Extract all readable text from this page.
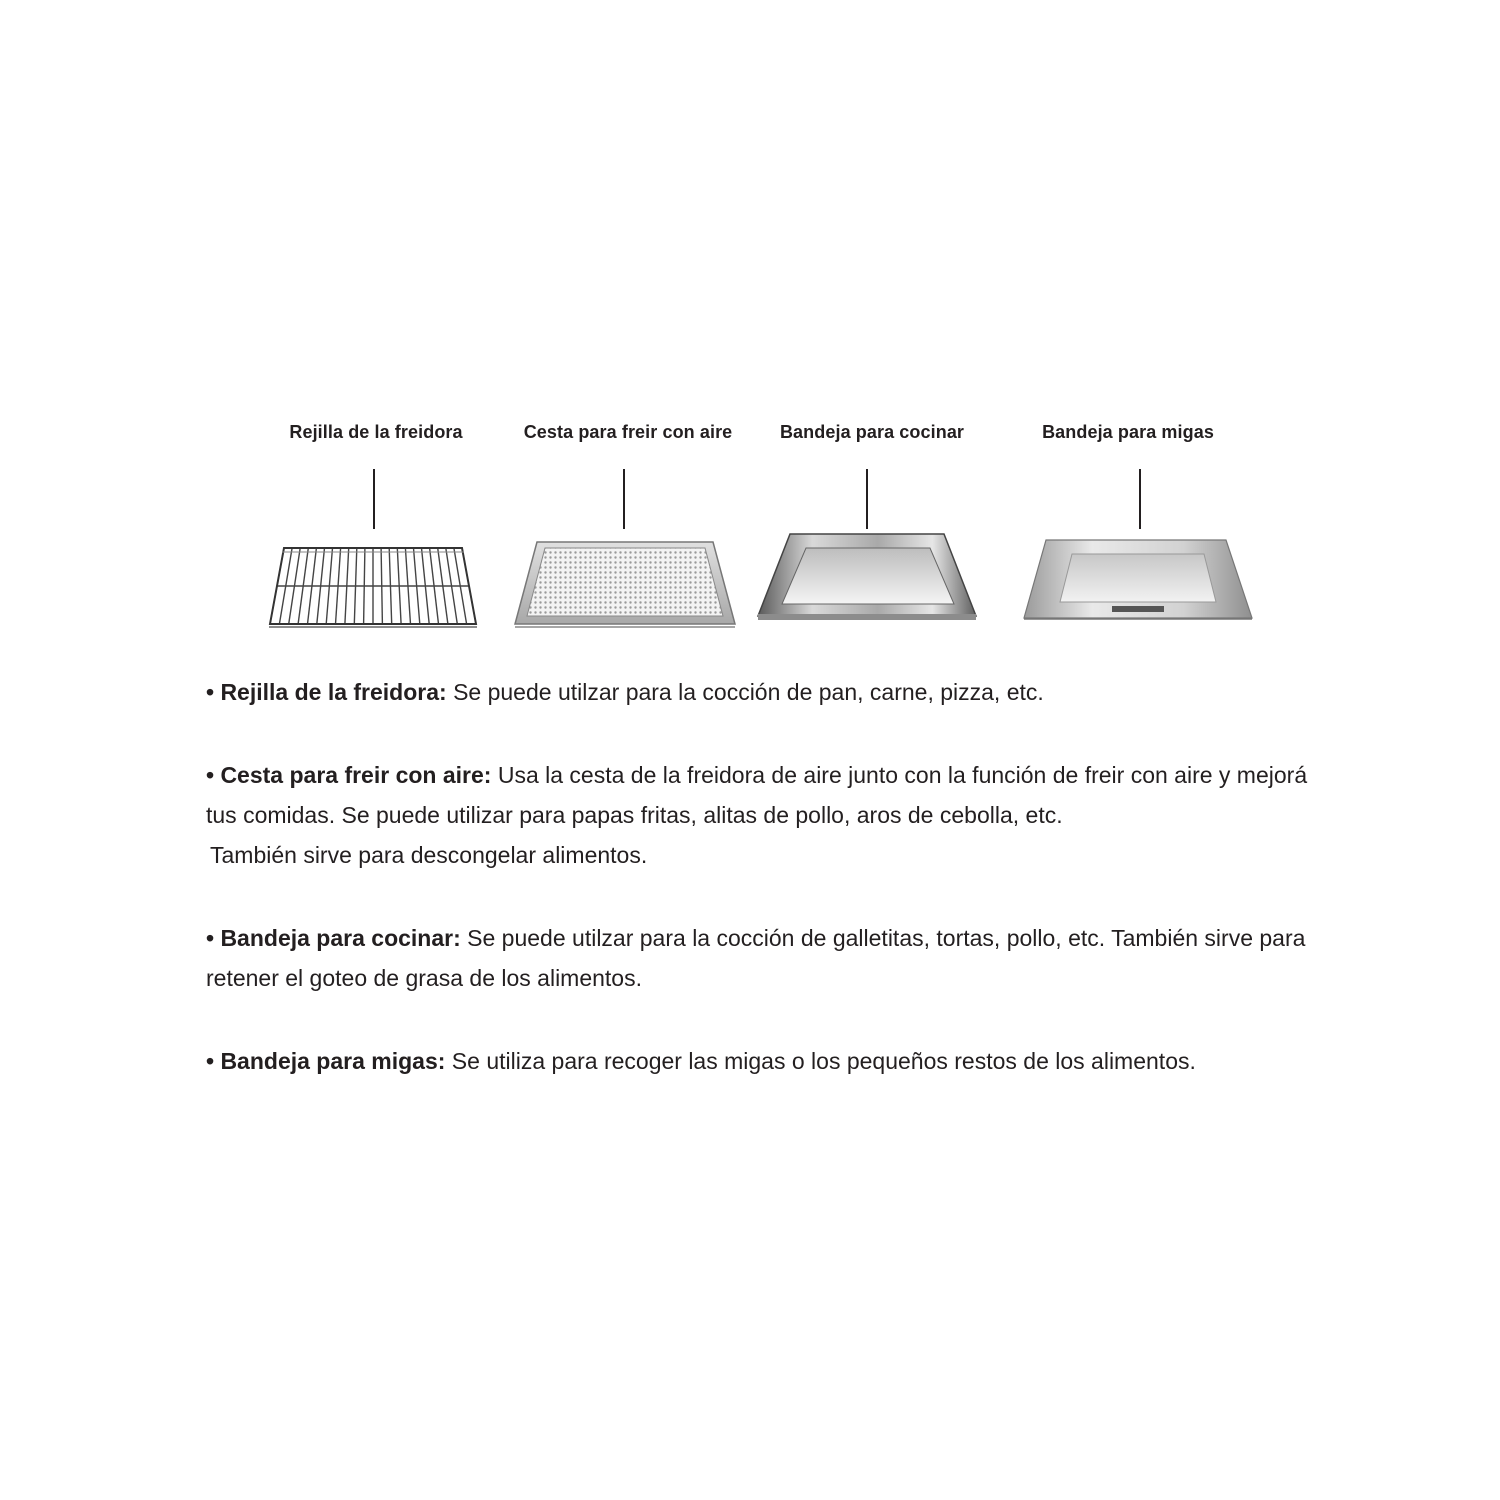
Rejilla de la freidora	Cesta para freir con aire	Bandeja para cocinar	Bandeja para migas

• Rejilla de la freidora: Se puede utilzar para la cocción de pan, carne, pizza, etc.

• Cesta para freir con aire: Usa la cesta de la freidora de aire junto con la función de freir con aire y mejorá tus comidas. Se puede utilizar para papas fritas, alitas de pollo, aros de cebolla, etc.
También sirve para descongelar alimentos.

• Bandeja para cocinar: Se puede utilzar para la cocción de galletitas, tortas, pollo, etc. También sirve para retener el goteo de grasa de los alimentos.

• Bandeja para migas: Se utiliza para recoger las migas o los pequeños restos de los alimentos.
